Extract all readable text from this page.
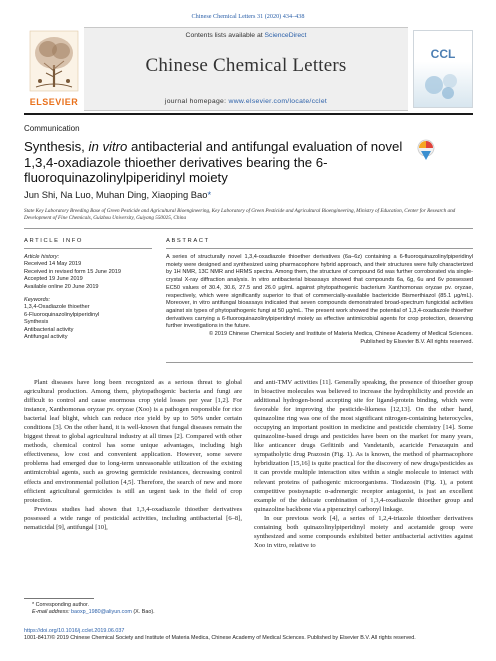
Chinese Chemical Letters 31 (2020) 434–438
ELSEVIER
Contents lists available at ScienceDirect
Chinese Chemical Letters
journal homepage: www.elsevier.com/locate/cclet
CCL
Communication
Synthesis, in vitro antibacterial and antifungal evaluation of novel 1,3,4-oxadiazole thioether derivatives bearing the 6-fluoroquinazolinylpiperidinyl moiety
Jun Shi, Na Luo, Muhan Ding, Xiaoping Bao*
State Key Laboratory Breeding Base of Green Pesticide and Agricultural Bioengineering, Key Laboratory of Green Pesticide and Agricultural Bioengineering, Ministry of Education, Center for Research and Development of Fine Chemicals, Guizhou University, Guiyang 550025, China
ARTICLE INFO
Article history:
Received 14 May 2019
Received in revised form 15 June 2019
Accepted 19 June 2019
Available online 20 June 2019
Keywords:
1,3,4-Oxadiazole thioether
6-Fluoroquinazolinylpiperidinyl
Synthesis
Antibacterial activity
Antifungal activity
ABSTRACT
A series of structurally novel 1,3,4-oxadiazole thioether derivatives (6a–6z) containing a 6-fluoroquinazolinylpiperidinyl moiety were designed and synthesized using pharmacophore hybrid approach, and their structures were fully characterized by 1H NMR, 13C NMR and HRMS spectra. Among them, the structure of compound 6d was further corroborated via single-crystal X-ray diffraction analysis. In vitro antibacterial bioassays showed that compounds 6a, 6g, 6u and 6v possessed EC50 values of 30.4, 30.6, 27.5 and 26.0 μg/mL against phytopathogenic bacterium Xanthomonas oryzae pv. oryzae, respectively, which were significantly superior to that of commercially-available bactericide Bismerthiazol (85.1 μg/mL). Moreover, in vitro antifungal bioassays indicated that seven compounds demonstrated broad-spectrum fungicidal activities against six types of phytopathogenic fungi at 50 μg/mL. The present work showed the potential of 1,3,4-oxadiazole thioether derivatives carrying a 6-fluoroquinazolinylpiperidinyl moiety as effective antimicrobial agents for crop protection, deserving further investigations in the future.
© 2019 Chinese Chemical Society and Institute of Materia Medica, Chinese Academy of Medical Sciences.
Published by Elsevier B.V. All rights reserved.

Plant diseases have long been recognized as a serious threat to global agricultural production. Among them, phytopathogenic bacteria and fungi are difficult to control and cause enormous crop yield losses per year [1,2]. For instance, Xanthomonas oryzae pv. oryzae (Xoo) is a pathogen responsible for rice bacterial leaf blight, which can reduce rice yield by up to 50% under certain conditions [3]. On the other hand, it is well-known that fungal diseases remain the biggest threat to global agricultural industry at all times [2]. Compared with other methods, chemical control has some unique advantages, including high effectiveness, low cost and convenient application. However, some severe problems had emerged due to long-term unreasonable utilization of the existing antimicrobial agents, such as growing germicide resistances, decreasing control effects and environmental pollution [4,5]. Therefore, the search of new and more efficient agricultural germicides is still an urgent task in the field of crop protection.

Previous studies had shown that 1,3,4-oxadiazole thioether derivatives possessed a wide range of pesticidal activities, including antibacterial [6–8], nematicidal [9], antifungal [10],

and anti-TMV activities [11]. Generally speaking, the presence of thioether group in bioactive molecules was believed to increase the hydrophilicity and provide an additional hydrogen-bond accepting site for ligand-protein binding, which were favorable for improving the pesticide-likeness [12,13]. On the other hand, quinazoline ring was one of the most significant nitrogen-containing heterocycles, occupying an important position in medicine and pesticide chemistry [14]. Some quinazoline-based drugs and pesticides have been on the market for many years, like anticancer drugs Gefitinib and Vandetanib, acaricide Fenazaquin and sympatholytic drug Prazosin (Fig. 1). As is known, the method of pharmacophore hybridization [15,16] is quite practical for the discovery of new drugs/pesticides as it can provide multiple interaction sites within a single molecule to interact with relevant proteins of pathogenic microorganisms. Tiodazosin (Fig. 1), a potent competitive postsynaptic α-adrenergic receptor antagonist, is just an excellent example of the delicate combination of 1,3,4-oxadiazole thioether group and quinazoline backbone via a piperazinyl carbonyl linkage.

In our previous work [4], a series of 1,2,4-triazole thioether derivatives containing both quinazolinylpiperidinyl moiety and acetamide group were synthesized and some compounds exhibited better antibacterial activities against Xoo in vitro, relative to

* Corresponding author.
E-mail address: baoxp_1980@aliyun.com (X. Bao).
https://doi.org/10.1016/j.cclet.2019.06.037
1001-8417/© 2019 Chinese Chemical Society and Institute of Materia Medica, Chinese Academy of Medical Sciences. Published by Elsevier B.V. All rights reserved.
